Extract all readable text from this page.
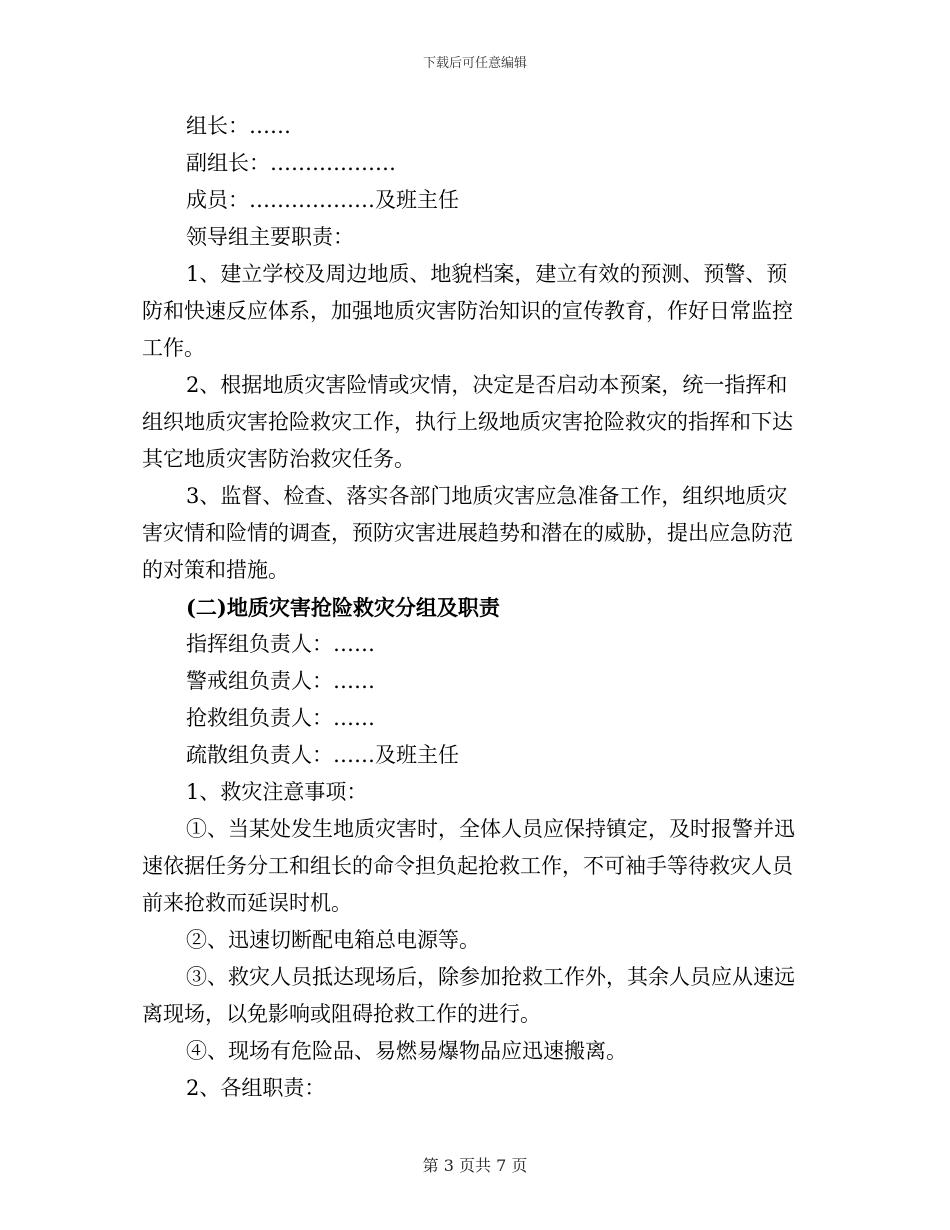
下载后可任意编辑

组长：……

副组长：………………

成员：………………及班主任

领导组主要职责：

1、建立学校及周边地质、地貌档案，建立有效的预测、预警、预防和快速反应体系，加强地质灾害防治知识的宣传教育，作好日常监控工作。

2、根据地质灾害险情或灾情，决定是否启动本预案，统一指挥和组织地质灾害抢险救灾工作，执行上级地质灾害抢险救灾的指挥和下达其它地质灾害防治救灾任务。

3、监督、检查、落实各部门地质灾害应急准备工作，组织地质灾害灾情和险情的调查，预防灾害进展趋势和潜在的威胁，提出应急防范的对策和措施。

(二)地质灾害抢险救灾分组及职责

指挥组负责人：……

警戒组负责人：……

抢救组负责人：……

疏散组负责人：……及班主任

1、救灾注意事项：

①、当某处发生地质灾害时，全体人员应保持镇定，及时报警并迅速依据任务分工和组长的命令担负起抢救工作，不可袖手等待救灾人员前来抢救而延误时机。

②、迅速切断配电箱总电源等。

③、救灾人员抵达现场后，除参加抢救工作外，其余人员应从速远离现场，以免影响或阻碍抢救工作的进行。

④、现场有危险品、易燃易爆物品应迅速搬离。

2、各组职责：

第 3 页共 7 页
